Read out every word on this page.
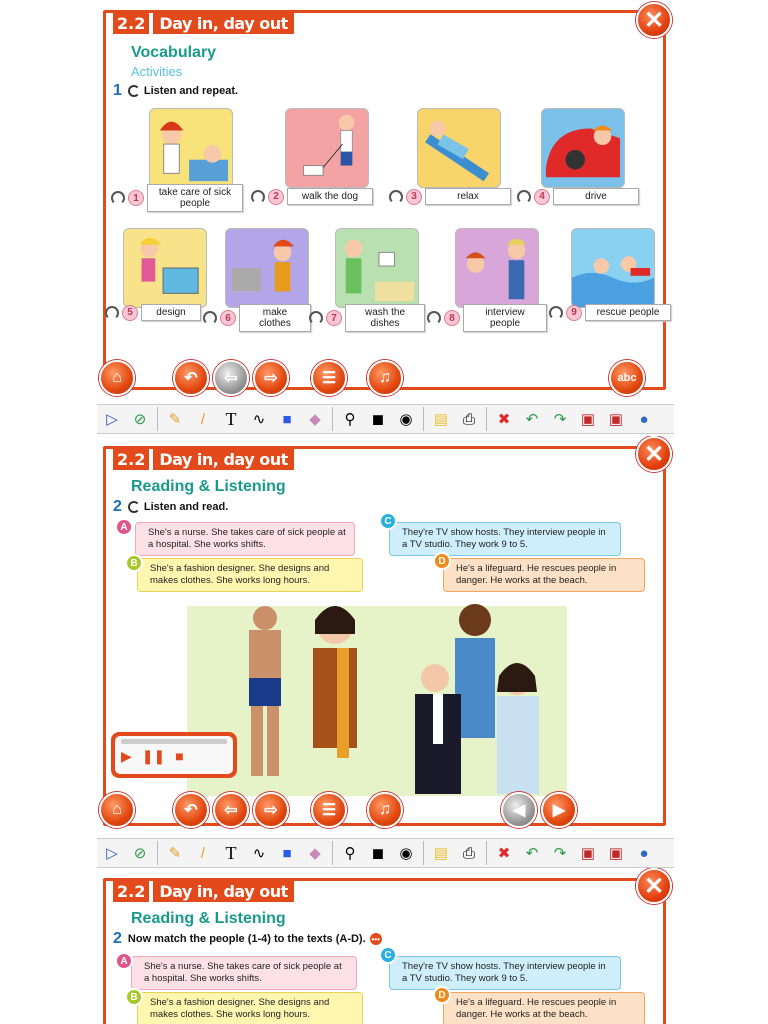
2.2 Day in, day out	✕
Vocabulary
Activities
1 Listen and repeat.
1	take care of sick people
2	walk the dog	3	relax	4	drive
5	design	6	make clothes	7	wash the dishes	8	interview people
9	rescue people
⌂	↶	⇦	⇨	☰	♫	abc
▷	⊘	✎	/	T	∿	■	◆	⚲	◼	◉ ▤ ⎙	✖	↶	↷ ▣ ▣	●
2.2 Day in, day out	✕
Reading & Listening
2 Listen and read.
A	She's a nurse. She takes care of sick people at a hospital. She works shifts.
B	She's a fashion designer. She designs and makes clothes. She works long hours.
C
They're TV show hosts. They interview people in a TV studio. They work 9 to 5.
D
He's a lifeguard. He rescues people in danger. He works at the beach.
▶ ❚❚ ■
⌂	↶	⇦	⇨	☰	♫	◀	▶
▷	⊘	✎	/	T	∿	■	◆	⚲	◼	◉ ▤ ⎙	✖	↶	↷ ▣ ▣	●
2.2 Day in, day out	✕
Reading & Listening
2 Now match the people (1-4) to the texts (A-D). •••
A	She's a nurse. She takes care of sick people at a hospital. She works shifts.
B	She's a fashion designer. She designs and makes clothes. She works long hours.
C
They're TV show hosts. They interview people in a TV studio. They work 9 to 5.
D
He's a lifeguard. He rescues people in danger. He works at the beach.
